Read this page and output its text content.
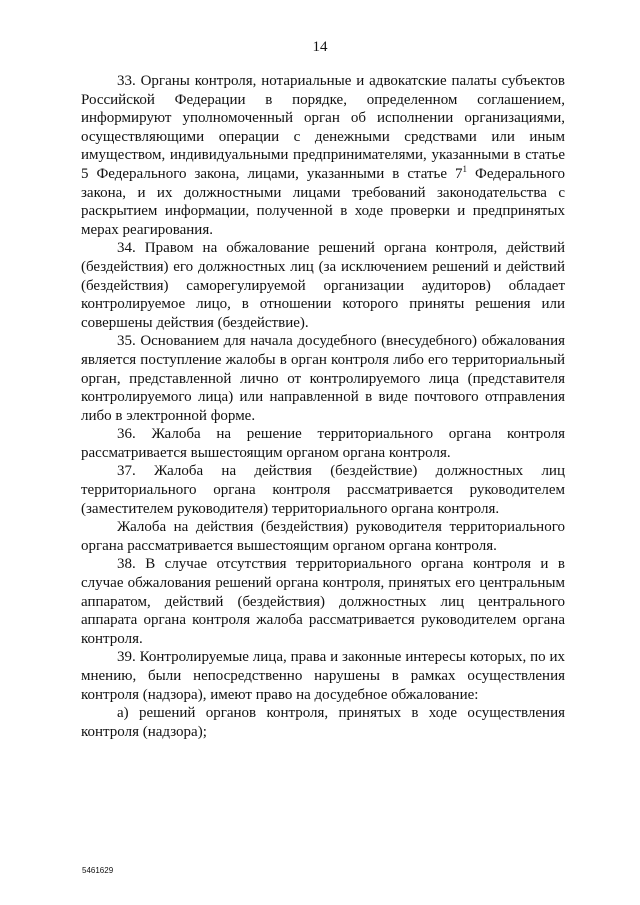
14

33. Органы контроля, нотариальные и адвокатские палаты субъектов Российской Федерации в порядке, определенном соглашением, информируют уполномоченный орган об исполнении организациями, осуществляющими операции с денежными средствами или иным имуществом, индивидуальными предпринимателями, указанными в статье 5 Федерального закона, лицами, указанными в статье $7^1$ Федерального закона, и их должностными лицами требований законодательства с раскрытием информации, полученной в ходе проверки и предпринятых мерах реагирования.

34. Правом на обжалование решений органа контроля, действий (бездействия) его должностных лиц (за исключением решений и действий (бездействия) саморегулируемой организации аудиторов) обладает контролируемое лицо, в отношении которого приняты решения или совершены действия (бездействие).

35. Основанием для начала досудебного (внесудебного) обжалования является поступление жалобы в орган контроля либо его территориальный орган, представленной лично от контролируемого лица (представителя контролируемого лица) или направленной в виде почтового отправления либо в электронной форме.

36. Жалоба на решение территориального органа контроля рассматривается вышестоящим органом органа контроля.

37. Жалоба на действия (бездействие) должностных лиц территориального органа контроля рассматривается руководителем (заместителем руководителя) территориального органа контроля.

Жалоба на действия (бездействия) руководителя территориального органа рассматривается вышестоящим органом органа контроля.

38. В случае отсутствия территориального органа контроля и в случае обжалования решений органа контроля, принятых его центральным аппаратом, действий (бездействия) должностных лиц центрального аппарата органа контроля жалоба рассматривается руководителем органа контроля.

39. Контролируемые лица, права и законные интересы которых, по их мнению, были непосредственно нарушены в рамках осуществления контроля (надзора), имеют право на досудебное обжалование:

а) решений органов контроля, принятых в ходе осуществления контроля (надзора);

5461629
